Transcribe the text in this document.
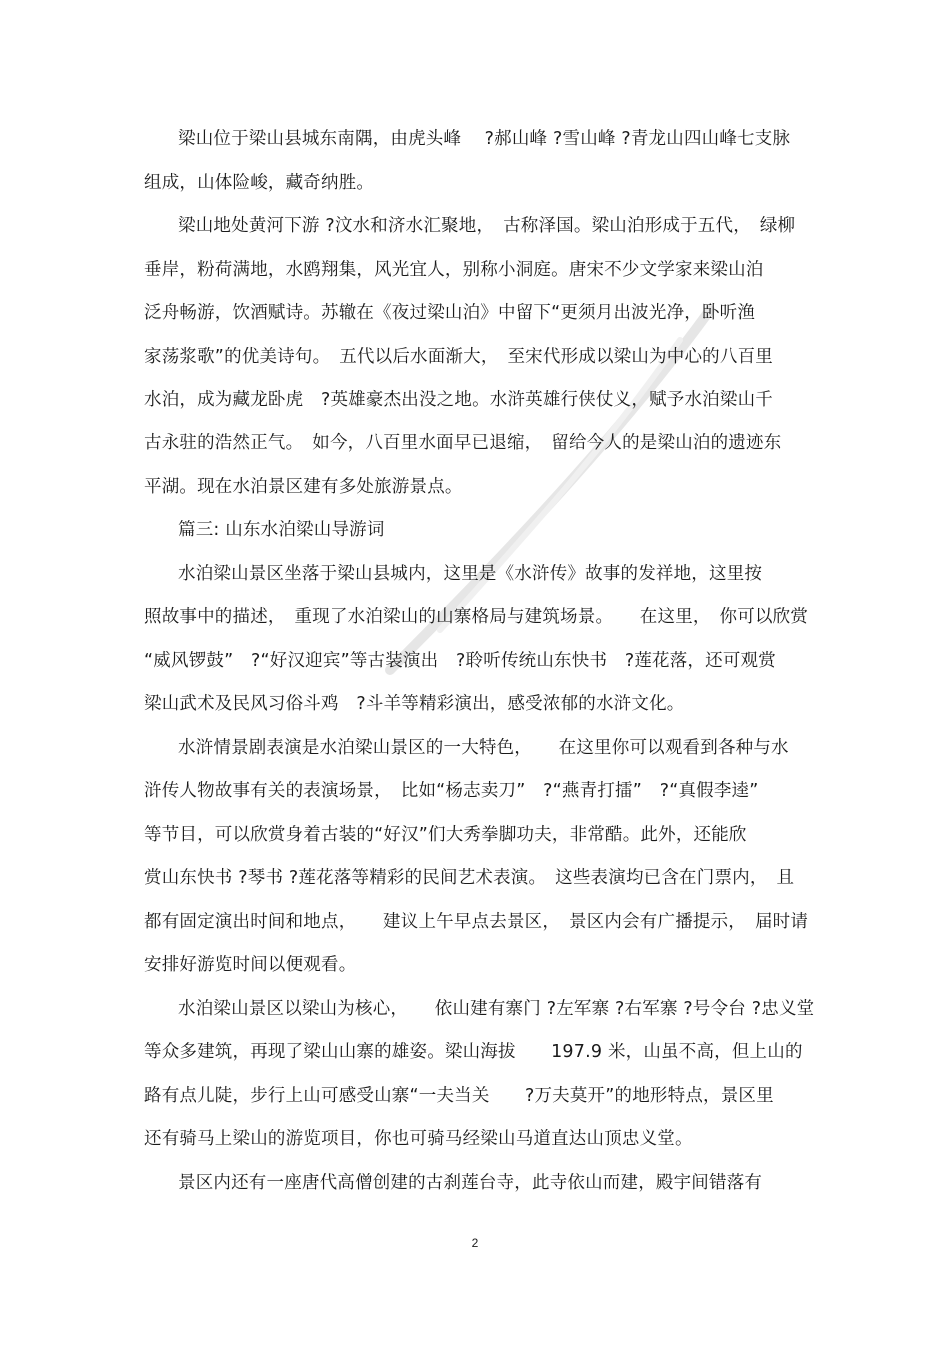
梁山位于梁山县城东南隅，由虎头峰　 ?郝山峰 ?雪山峰 ?青龙山四山峰七支脉
组成，山体险峻，藏奇纳胜。
梁山地处黄河下游 ?汶水和济水汇聚地，　古称泽国。梁山泊形成于五代，　绿柳
垂岸，粉荷满地，水鸥翔集，风光宜人，别称小洞庭。唐宋不少文学家来梁山泊
泛舟畅游，饮酒赋诗。苏辙在《夜过梁山泊》中留下“更须月出波光净，卧听渔
家荡浆歌”的优美诗句。　五代以后水面渐大，　至宋代形成以梁山为中心的八百里
水泊，成为藏龙卧虎　?英雄豪杰出没之地。水浒英雄行侠仗义，赋予水泊梁山千
古永驻的浩然正气。　如今，八百里水面早已退缩，　留给今人的是梁山泊的遗迹东
平湖。现在水泊景区建有多处旅游景点。
篇三: 山东水泊梁山导游词
水泊梁山景区坐落于梁山县城内，这里是《水浒传》故事的发祥地，这里按
照故事中的描述，　重现了水泊梁山的山寨格局与建筑场景。　　在这里，　你可以欣赏
“威风锣鼓”　?“好汉迎宾”等古装演出　?聆听传统山东快书　?莲花落，还可观赏
梁山武术及民风习俗斗鸡　?斗羊等精彩演出，感受浓郁的水浒文化。
水浒情景剧表演是水泊梁山景区的一大特色，　　在这里你可以观看到各种与水
浒传人物故事有关的表演场景，　比如“杨志卖刀”　?“燕青打擂”　?“真假李逵”
等节目，可以欣赏身着古装的“好汉”们大秀拳脚功夫，非常酷。此外，还能欣
赏山东快书 ?琴书 ?莲花落等精彩的民间艺术表演。　这些表演均已含在门票内，　且
都有固定演出时间和地点，　　建议上午早点去景区，　景区内会有广播提示，　届时请
安排好游览时间以便观看。
水泊梁山景区以梁山为核心，　　依山建有寨门 ?左军寨 ?右军寨 ?号令台 ?忠义堂
等众多建筑，再现了梁山山寨的雄姿。梁山海拔　　197.9 米，山虽不高，但上山的
路有点儿陡，步行上山可感受山寨“一夫当关　　?万夫莫开”的地形特点，景区里
还有骑马上梁山的游览项目，你也可骑马经梁山马道直达山顶忠义堂。
景区内还有一座唐代高僧创建的古刹莲台寺，此寺依山而建，殿宇间错落有
2
